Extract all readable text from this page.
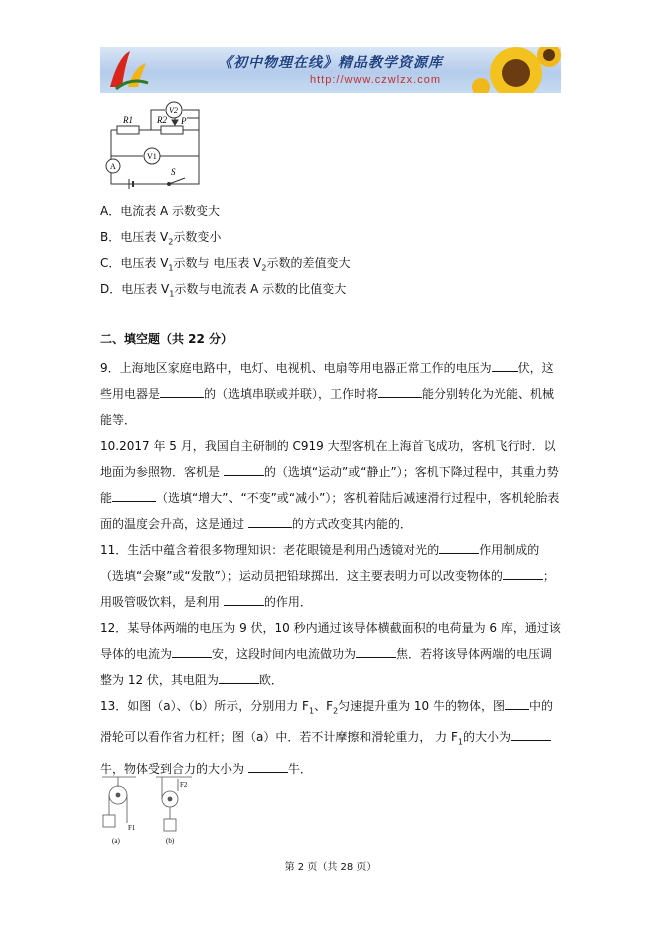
《初中物理在线》精品教学资源库
http://www.czwlzx.com
V2
R1	R2 P
A
V1
S
A．电流表 A 示数变大
B．电压表 $V_2$示数变小
C．电压表 $V_1$示数与 电压表 $V_2$示数的差值变大
D．电压表 $V_1$示数与电流表 A 示数的比值变大
二、填空题（共 22 分）
9．上海地区家庭电路中，电灯、电视机、电扇等用电器正常工作的电压为 伏，这些用电器是	的（选填串联或并联），工作时将	能分别转化为光能、机械能等．
10.2017 年 5 月，我国自主研制的 C919 大型客机在上海首飞成功，客机飞行时．以地面为参照物．客机是	的（选填“运动”或“静止”）；客机下降过程中，其重力势能	（选填“增大”、“不变”或“减小”）；客机着陆后减速滑行过程中，客机轮胎表面的温度会升高，这是通过	的方式改变其内能的．
11．生活中蕴含着很多物理知识：老花眼镜是利用凸透镜对光的	作用制成的（选填“会聚”或“发散”）；运动员把铅球掷出．这主要表明力可以改变物体的	；用吸管吸饮料，是利用	的作用．
12．某导体两端的电压为 9 伏，10 秒内通过该导体横截面积的电荷量为 6 库，通过该导体的电流为	安，这段时间内电流做功为	焦．若将该导体两端的电压调整为 12 伏，其电阻为	欧．
13．如图（a）、（b）所示，分别用力 $F_1$、$F_2$匀速提升重为 10 牛的物体，图 中的滑轮可以看作省力杠杆；图（a）中．若不计摩擦和滑轮重力， 力 $F_1$的大小为牛，物体受到合力的大小为	牛．
F1
F2
(a)	(b)
第 2 页（共 28 页）
